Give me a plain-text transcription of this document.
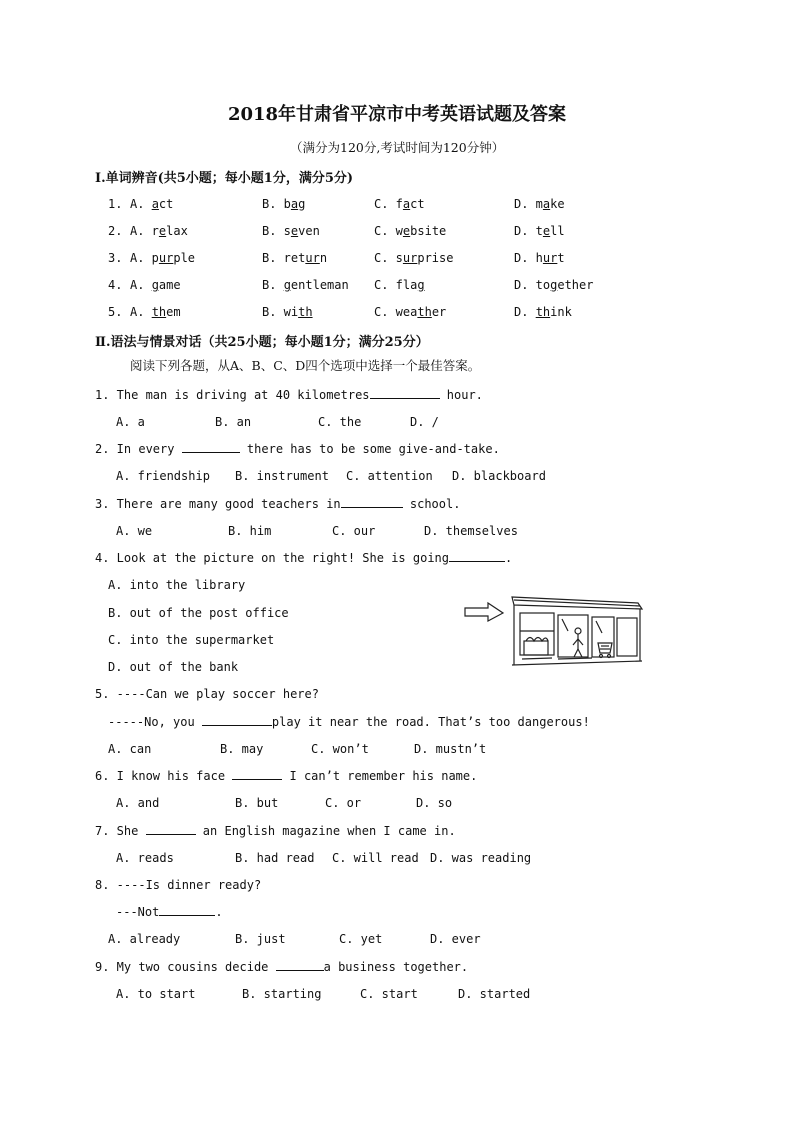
2018年甘肃省平凉市中考英语试题及答案
（满分为120分,考试时间为120分钟）
I.单词辨音(共5小题；每小题1分，满分5分)
1. A. act	B. bag	C. fact	D. make
2. A. relax	B. seven	C. website	D. tell
3. A. purple	B. return	C. surprise	D. hurt
4. A. game	B. gentleman C. flag	D. together
5. A. them	B. with	C. weather	D. think
Ⅱ.语法与情景对话（共25小题；每小题1分；满分25分）
阅读下列各题，从A、B、C、D四个选项中选择一个最佳答案。
1. The man is driving at 40 kilometres	hour.
A. a	B. an	C. the	D. /
2. In every	there has to be some give-and-take.
A. friendship B. instrument C. attention D. blackboard
3. There are many good teachers in	school.
A. we	B. him	C. our	D. themselves
4. Look at the picture on the right! She is going	.
A. into the library
B. out of the post office
C. into the supermarket
D. out of the bank
5. ----Can we play soccer here?
-----No, you	play it near the road. That’s too dangerous!
A. can	B. may	C. won’t	D. mustn’t
6. I know his face	I can’t remember his name.
A. and	B. but	C. or	D. so
7. She	an English magazine when I came in.
A. reads	B. had read C. will read D. was reading
8. ----Is dinner ready?
---Not	.
A. already	B. just	C. yet	D. ever
9. My two cousins decide	a business together.
A. to start	B. starting	C. start	D. started
